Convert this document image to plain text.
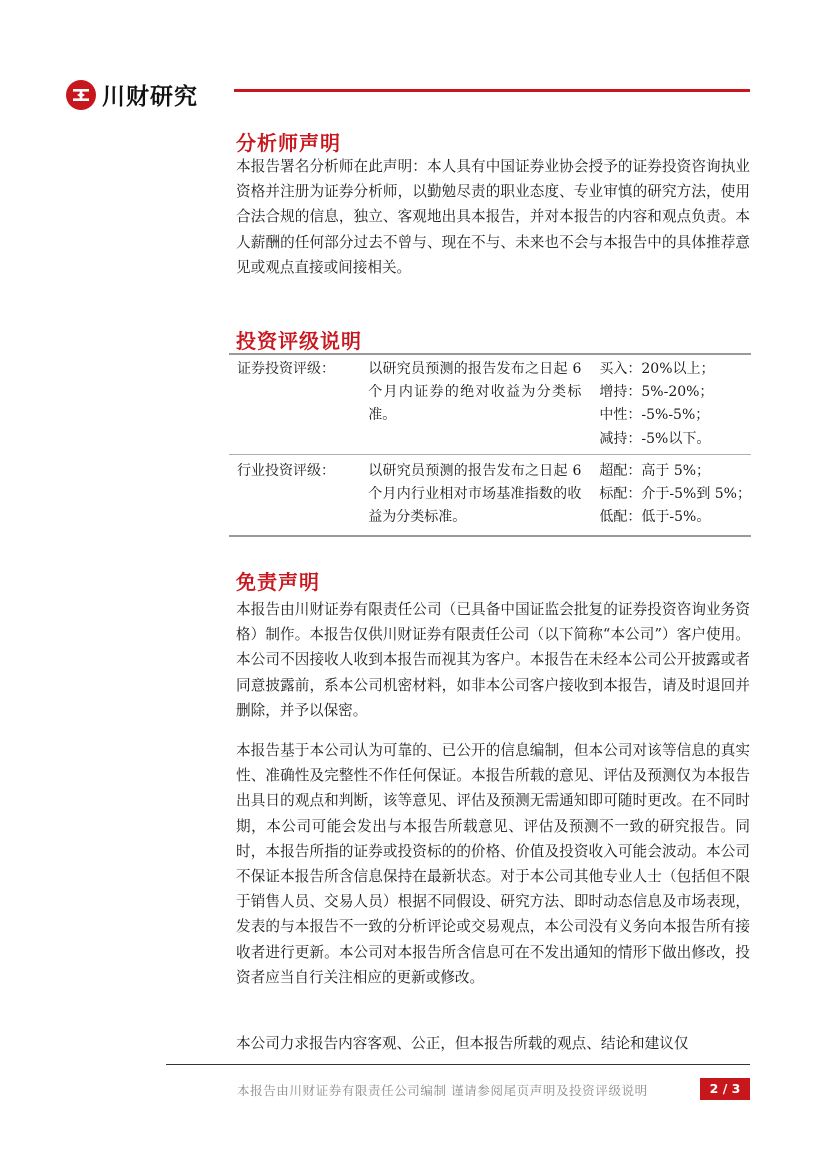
川财研究
分析师声明

本报告署名分析师在此声明：本人具有中国证券业协会授予的证券投资咨询执业资格并注册为证券分析师，以勤勉尽责的职业态度、专业审慎的研究方法，使用合法合规的信息，独立、客观地出具本报告，并对本报告的内容和观点负责。本人薪酬的任何部分过去不曾与、现在不与、未来也不会与本报告中的具体推荐意见或观点直接或间接相关。

投资评级说明
证券投资评级：	以研究员预测的报告发布之日起 6 个月内证券的绝对收益为分类标准。	买入：20%以上；
增持：5%-20%；
中性：-5%-5%；
减持：-5%以下。

行业投资评级：	以研究员预测的报告发布之日起 6 个月内行业相对市场基准指数的收益为分类标准。	超配：高于 5%；
标配：介于-5%到 5%；
低配：低于-5%。
免责声明

本报告由川财证券有限责任公司（已具备中国证监会批复的证券投资咨询业务资格）制作。本报告仅供川财证券有限责任公司（以下简称“本公司”）客户使用。本公司不因接收人收到本报告而视其为客户。本报告在未经本公司公开披露或者同意披露前，系本公司机密材料，如非本公司客户接收到本报告，请及时退回并删除，并予以保密。

本报告基于本公司认为可靠的、已公开的信息编制，但本公司对该等信息的真实性、准确性及完整性不作任何保证。本报告所载的意见、评估及预测仅为本报告出具日的观点和判断，该等意见、评估及预测无需通知即可随时更改。在不同时期，本公司可能会发出与本报告所载意见、评估及预测不一致的研究报告。同时，本报告所指的证券或投资标的的价格、价值及投资收入可能会波动。本公司不保证本报告所含信息保持在最新状态。对于本公司其他专业人士（包括但不限于销售人员、交易人员）根据不同假设、研究方法、即时动态信息及市场表现，发表的与本报告不一致的分析评论或交易观点，本公司没有义务向本报告所有接收者进行更新。本公司对本报告所含信息可在不发出通知的情形下做出修改，投资者应当自行关注相应的更新或修改。

本公司力求报告内容客观、公正，但本报告所载的观点、结论和建议仅

本报告由川财证券有限责任公司编制 谨请参阅尾页声明及投资评级说明	2 / 3
